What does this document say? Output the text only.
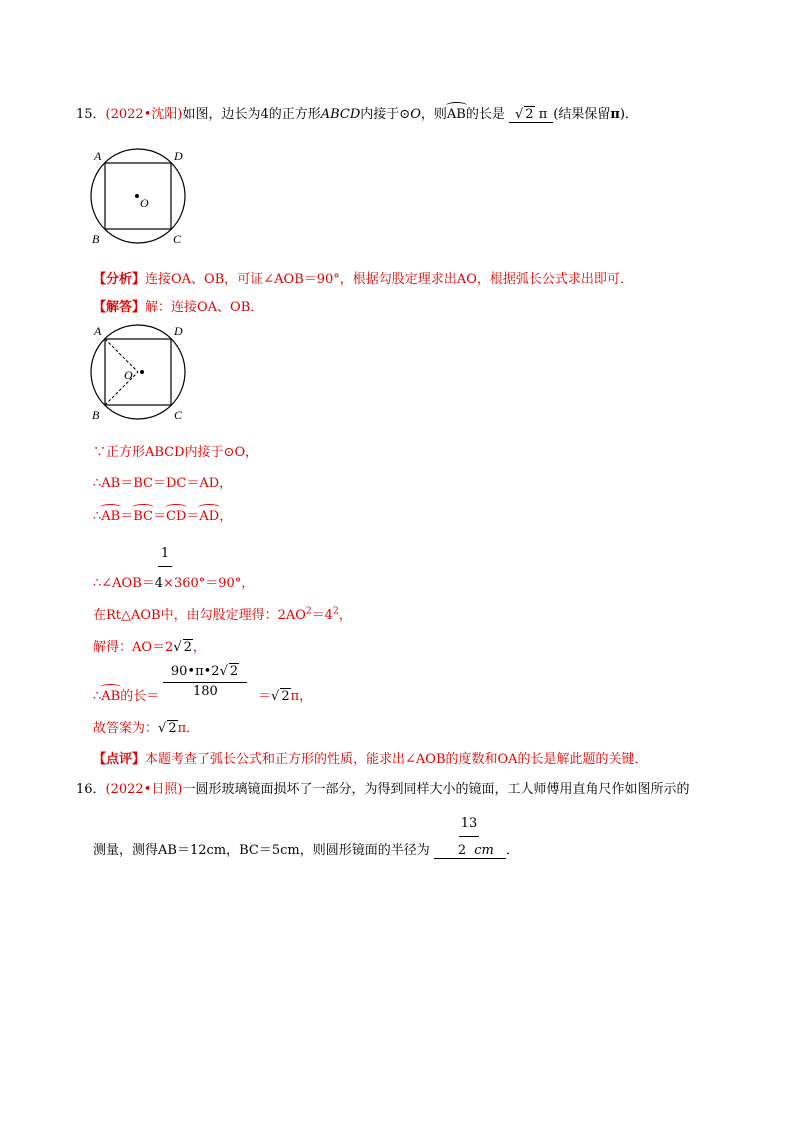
15．(2022•沈阳)如图，边长为4的正方形ABCD内接于⊙O，则AB的长是 √ 2 π (结果保留π)．
A	D
B	C
O
【分析】连接OA、OB，可证∠AOB＝90°，根据勾股定理求出AO，根据弧长公式求出即可．
【解答】解：连接OA、OB．
A	D
B	C
O
∵正方形ABCD内接于⊙O，
∴AB＝BC＝DC＝AD，
∴AB＝BC＝CD＝AD，
1
∴∠AOB＝4×360°＝90°，
在Rt△AOB中，由勾股定理得：$2AO^2=4^2$，
解得：AO＝2√ 2，
90•π•2√ 2
∴AB的长＝	180	＝√ 2π，
故答案为：√ 2π．
【点评】本题考查了弧长公式和正方形的性质，能求出∠AOB的度数和OA的长是解此题的关键．
16．(2022•日照)一圆形玻璃镜面损坏了一部分，为得到同样大小的镜面，工人师傅用直角尺作如图所示的
13
测量，测得AB＝12cm，BC＝5cm，则圆形镜面的半径为 2 cm ．
